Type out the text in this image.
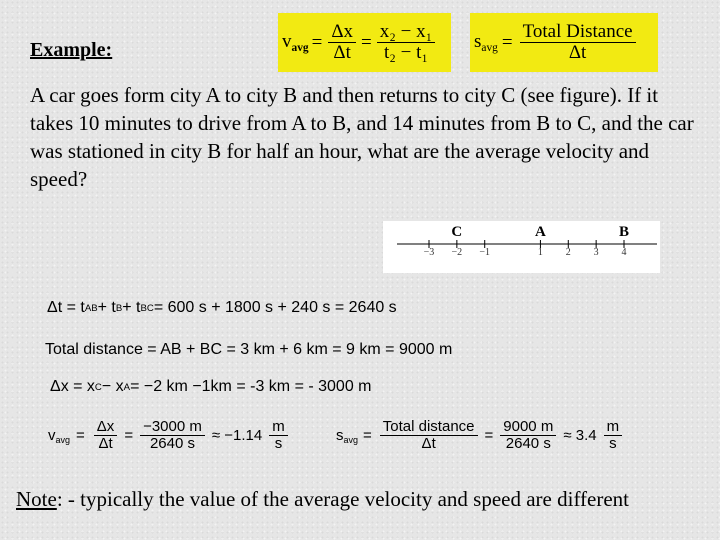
Example:	$v_{avg} = \frac{\Delta x}{\Delta t} = \frac{\text{x₂ − x₁}}{\text{t₂ − t₁}} s_{avg} = \frac{\text{Total Distance}}{\Delta t}$
A car goes form city A to city B and then returns to city C (see figure). If it takes 10 minutes to drive from A to B, and 14 minutes from B to C, and the car was stationed in city B for half an hour, what are the average velocity and speed?
−3 −2 −1	1 2 3 4
C	A	B
Δt = t AB + t B + t BC = 600 s + 1800 s + 240 s = 2640 s
Total distance = AB + BC = 3 km + 6 km = 9 km = 9000 m
Δx = x C − x A = −2 km −1km = -3 km = - 3000 m
$v_{avg} = \frac{\Delta x}{\Delta t} = \frac{-3000 m}{2640 s} \approx -1.14 \frac{m}{s}$	$s_{avg} = \frac{\text{Total distance}}{\Delta t} = \frac{9000 m}{2640 s} \approx 3.4 \frac{m}{s}$
Note: - typically the value of the average velocity and speed are different
